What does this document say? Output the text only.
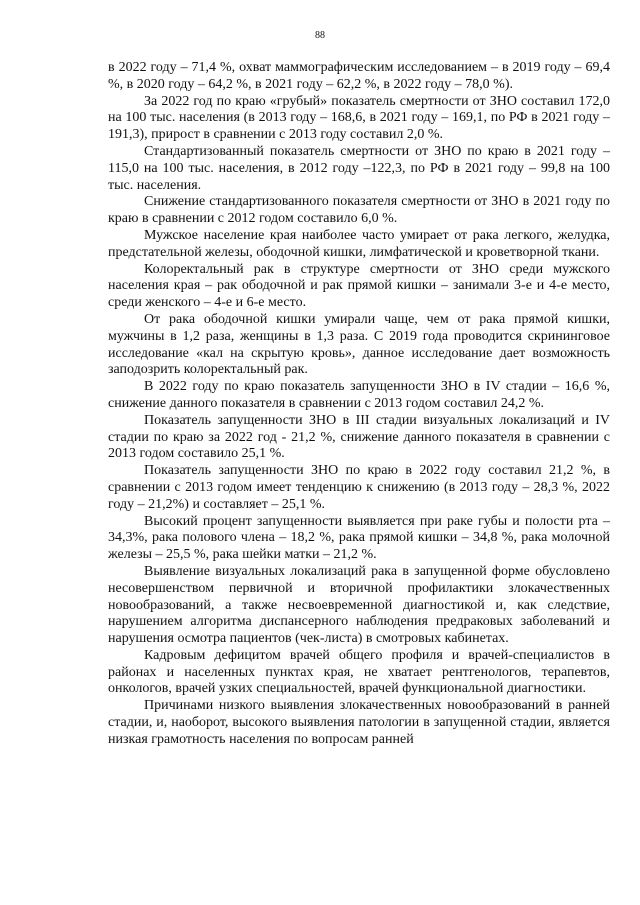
88

в 2022 году – 71,4 %, охват маммографическим исследованием – в 2019 году – 69,4 %, в 2020 году – 64,2 %, в 2021 году – 62,2 %, в 2022 году – 78,0 %).

За 2022 год по краю «грубый» показатель смертности от ЗНО составил 172,0 на 100 тыс. населения (в 2013 году – 168,6, в 2021 году – 169,1, по РФ в 2021 году – 191,3), прирост в сравнении с 2013 году составил 2,0 %.

Стандартизованный показатель смертности от ЗНО по краю в 2021 году – 115,0 на 100 тыс. населения, в 2012 году –122,3, по РФ в 2021 году – 99,8 на 100 тыс. населения.

Снижение стандартизованного показателя смертности от ЗНО в 2021 году по краю в сравнении с 2012 годом составило 6,0 %.

Мужское население края наиболее часто умирает от рака легкого, желудка, предстательной железы, ободочной кишки, лимфатической и кроветворной ткани.

Колоректальный рак в структуре смертности от ЗНО среди мужского населения края – рак ободочной и рак прямой кишки – занимали 3-е и 4-е место, среди женского – 4-е и 6-е место.

От рака ободочной кишки умирали чаще, чем от рака прямой кишки, мужчины в 1,2 раза, женщины в 1,3 раза. С 2019 года проводится скрининговое исследование «кал на скрытую кровь», данное исследование дает возможность заподозрить колоректальный рак.

В 2022 году по краю показатель запущенности ЗНО в IV стадии – 16,6 %, снижение данного показателя в сравнении с 2013 годом составил 24,2 %.

Показатель запущенности ЗНО в III стадии визуальных локализаций и IV стадии по краю за 2022 год - 21,2 %, снижение данного показателя в сравнении с 2013 годом составило 25,1 %.

Показатель запущенности ЗНО по краю в 2022 году составил 21,2 %, в сравнении с 2013 годом имеет тенденцию к снижению (в 2013 году – 28,3 %, 2022 году – 21,2%) и составляет – 25,1 %.

Высокий процент запущенности выявляется при раке губы и полости рта – 34,3%, рака полового члена – 18,2 %, рака прямой кишки – 34,8 %, рака молочной железы – 25,5 %, рака шейки матки – 21,2 %.

Выявление визуальных локализаций рака в запущенной форме обусловлено несовершенством первичной и вторичной профилактики злокачественных новообразований, а также несвоевременной диагностикой и, как следствие, нарушением алгоритма диспансерного наблюдения предраковых заболеваний и нарушения осмотра пациентов (чек-листа) в смотровых кабинетах.

Кадровым дефицитом врачей общего профиля и врачей-специалистов в районах и населенных пунктах края, не хватает рентгенологов, терапевтов, онкологов, врачей узких специальностей, врачей функциональной диагностики.

Причинами низкого выявления злокачественных новообразований в ранней стадии, и, наоборот, высокого выявления патологии в запущенной стадии, является низкая грамотность населения по вопросам ранней
